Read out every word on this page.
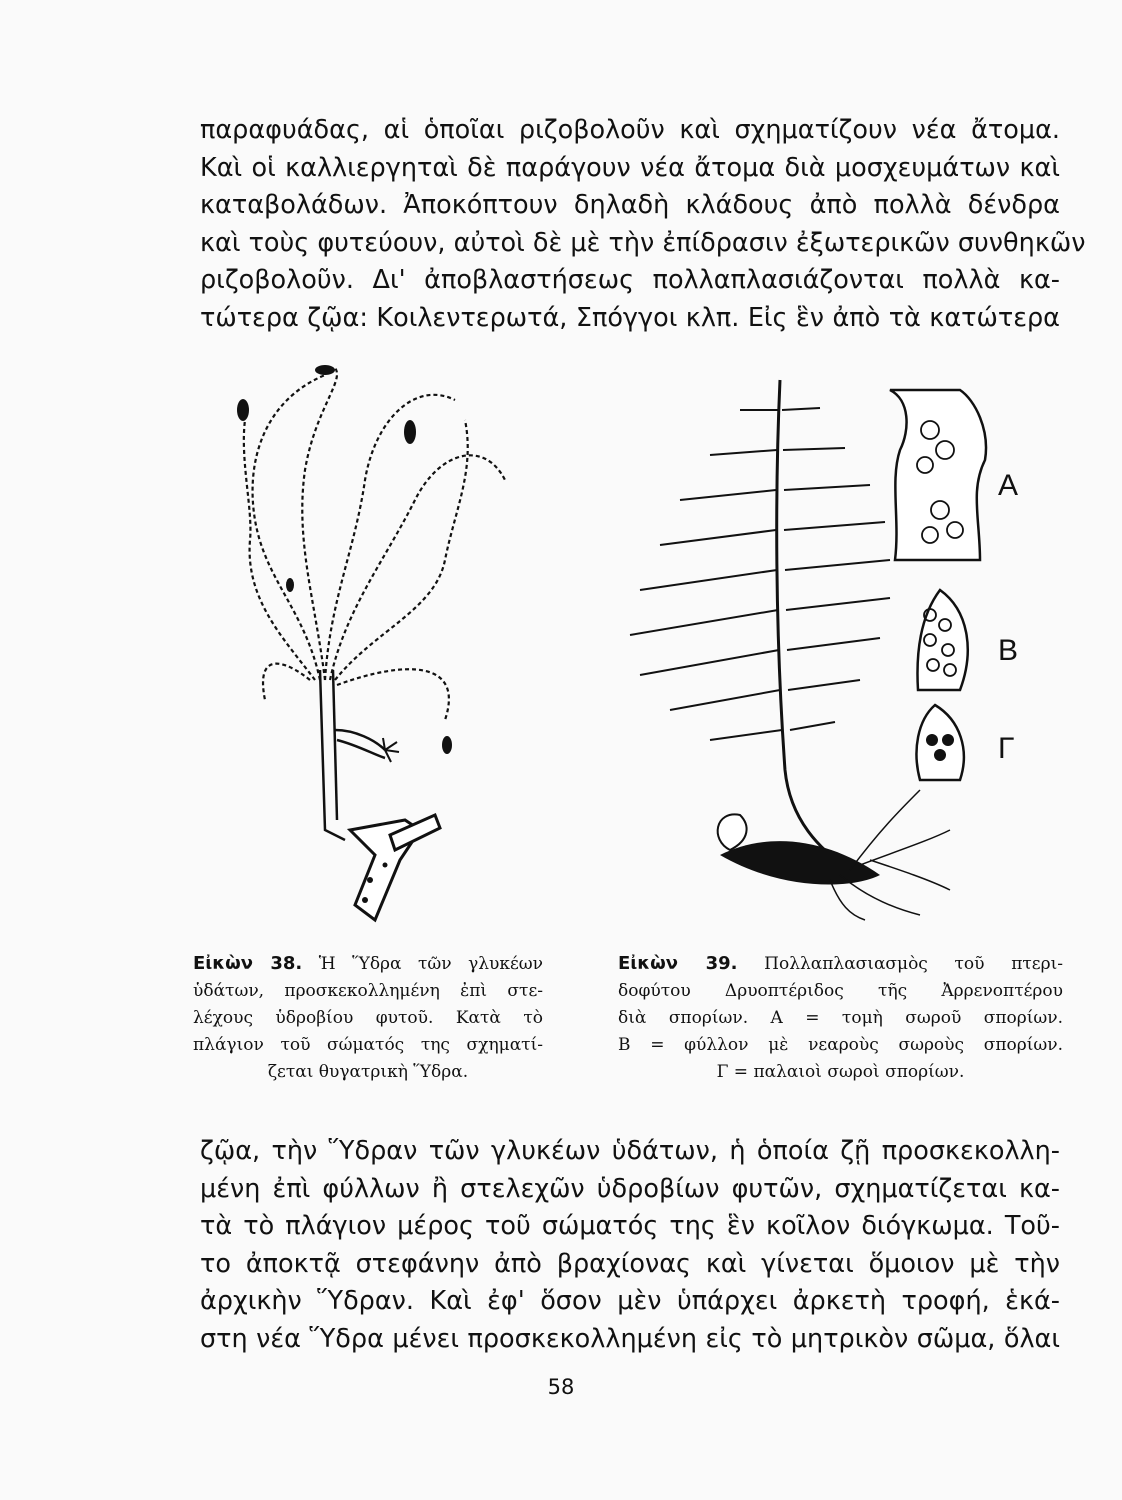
παραφυάδας, αἱ ὁποῖαι ριζοβολοῦν καὶ σχηματίζουν νέα ἄτομα.
Καὶ οἱ καλλιεργηταὶ δὲ παράγουν νέα ἄτομα διὰ μοσχευμάτων καὶ
καταβολάδων. Ἀποκόπτουν δηλαδὴ κλάδους ἀπὸ πολλὰ δένδρα
καὶ τοὺς φυτεύουν, αὐτοὶ δὲ μὲ τὴν ἐπίδρασιν ἐξωτερικῶν συνθηκῶν
ριζοβολοῦν. Δι' ἀποβλαστήσεως πολλαπλασιάζονται πολλὰ κα-
τώτερα ζῷα: Κοιλεντερωτά, Σπόγγοι κλπ. Εἰς ἓν ἀπὸ τὰ κατώτερα
A
B
Γ
Εἰκὼν 38. Ἡ Ὕδρα τῶν γλυκέων
ὑδάτων, προσκεκολλημένη ἐπὶ στε-
λέχους ὑδροβίου φυτοῦ. Κατὰ τὸ
πλάγιον τοῦ σώματός της σχηματί-
ζεται θυγατρικὴ Ὕδρα.
Εἰκὼν 39. Πολλαπλασιασμὸς τοῦ πτερι-
δοφύτου Δρυοπτέριδος τῆς Ἀρρενοπτέρου
διὰ σπορίων. Α = τομὴ σωροῦ σπορίων.
Β = φύλλον μὲ νεαροὺς σωροὺς σπορίων.
Γ = παλαιοὶ σωροὶ σπορίων.
ζῷα, τὴν Ὕδραν τῶν γλυκέων ὑδάτων, ἡ ὁποία ζῇ προσκεκολλη-
μένη ἐπὶ φύλλων ἢ στελεχῶν ὑδροβίων φυτῶν, σχηματίζεται κα-
τὰ τὸ πλάγιον μέρος τοῦ σώματός της ἓν κοῖλον διόγκωμα. Τοῦ-
το ἀποκτᾷ στεφάνην ἀπὸ βραχίονας καὶ γίνεται ὅμοιον μὲ τὴν
ἀρχικὴν Ὕδραν. Καὶ ἐφ' ὅσον μὲν ὑπάρχει ἀρκετὴ τροφή, ἑκά-
στη νέα Ὕδρα μένει προσκεκολλημένη εἰς τὸ μητρικὸν σῶμα, ὅλαι
58
